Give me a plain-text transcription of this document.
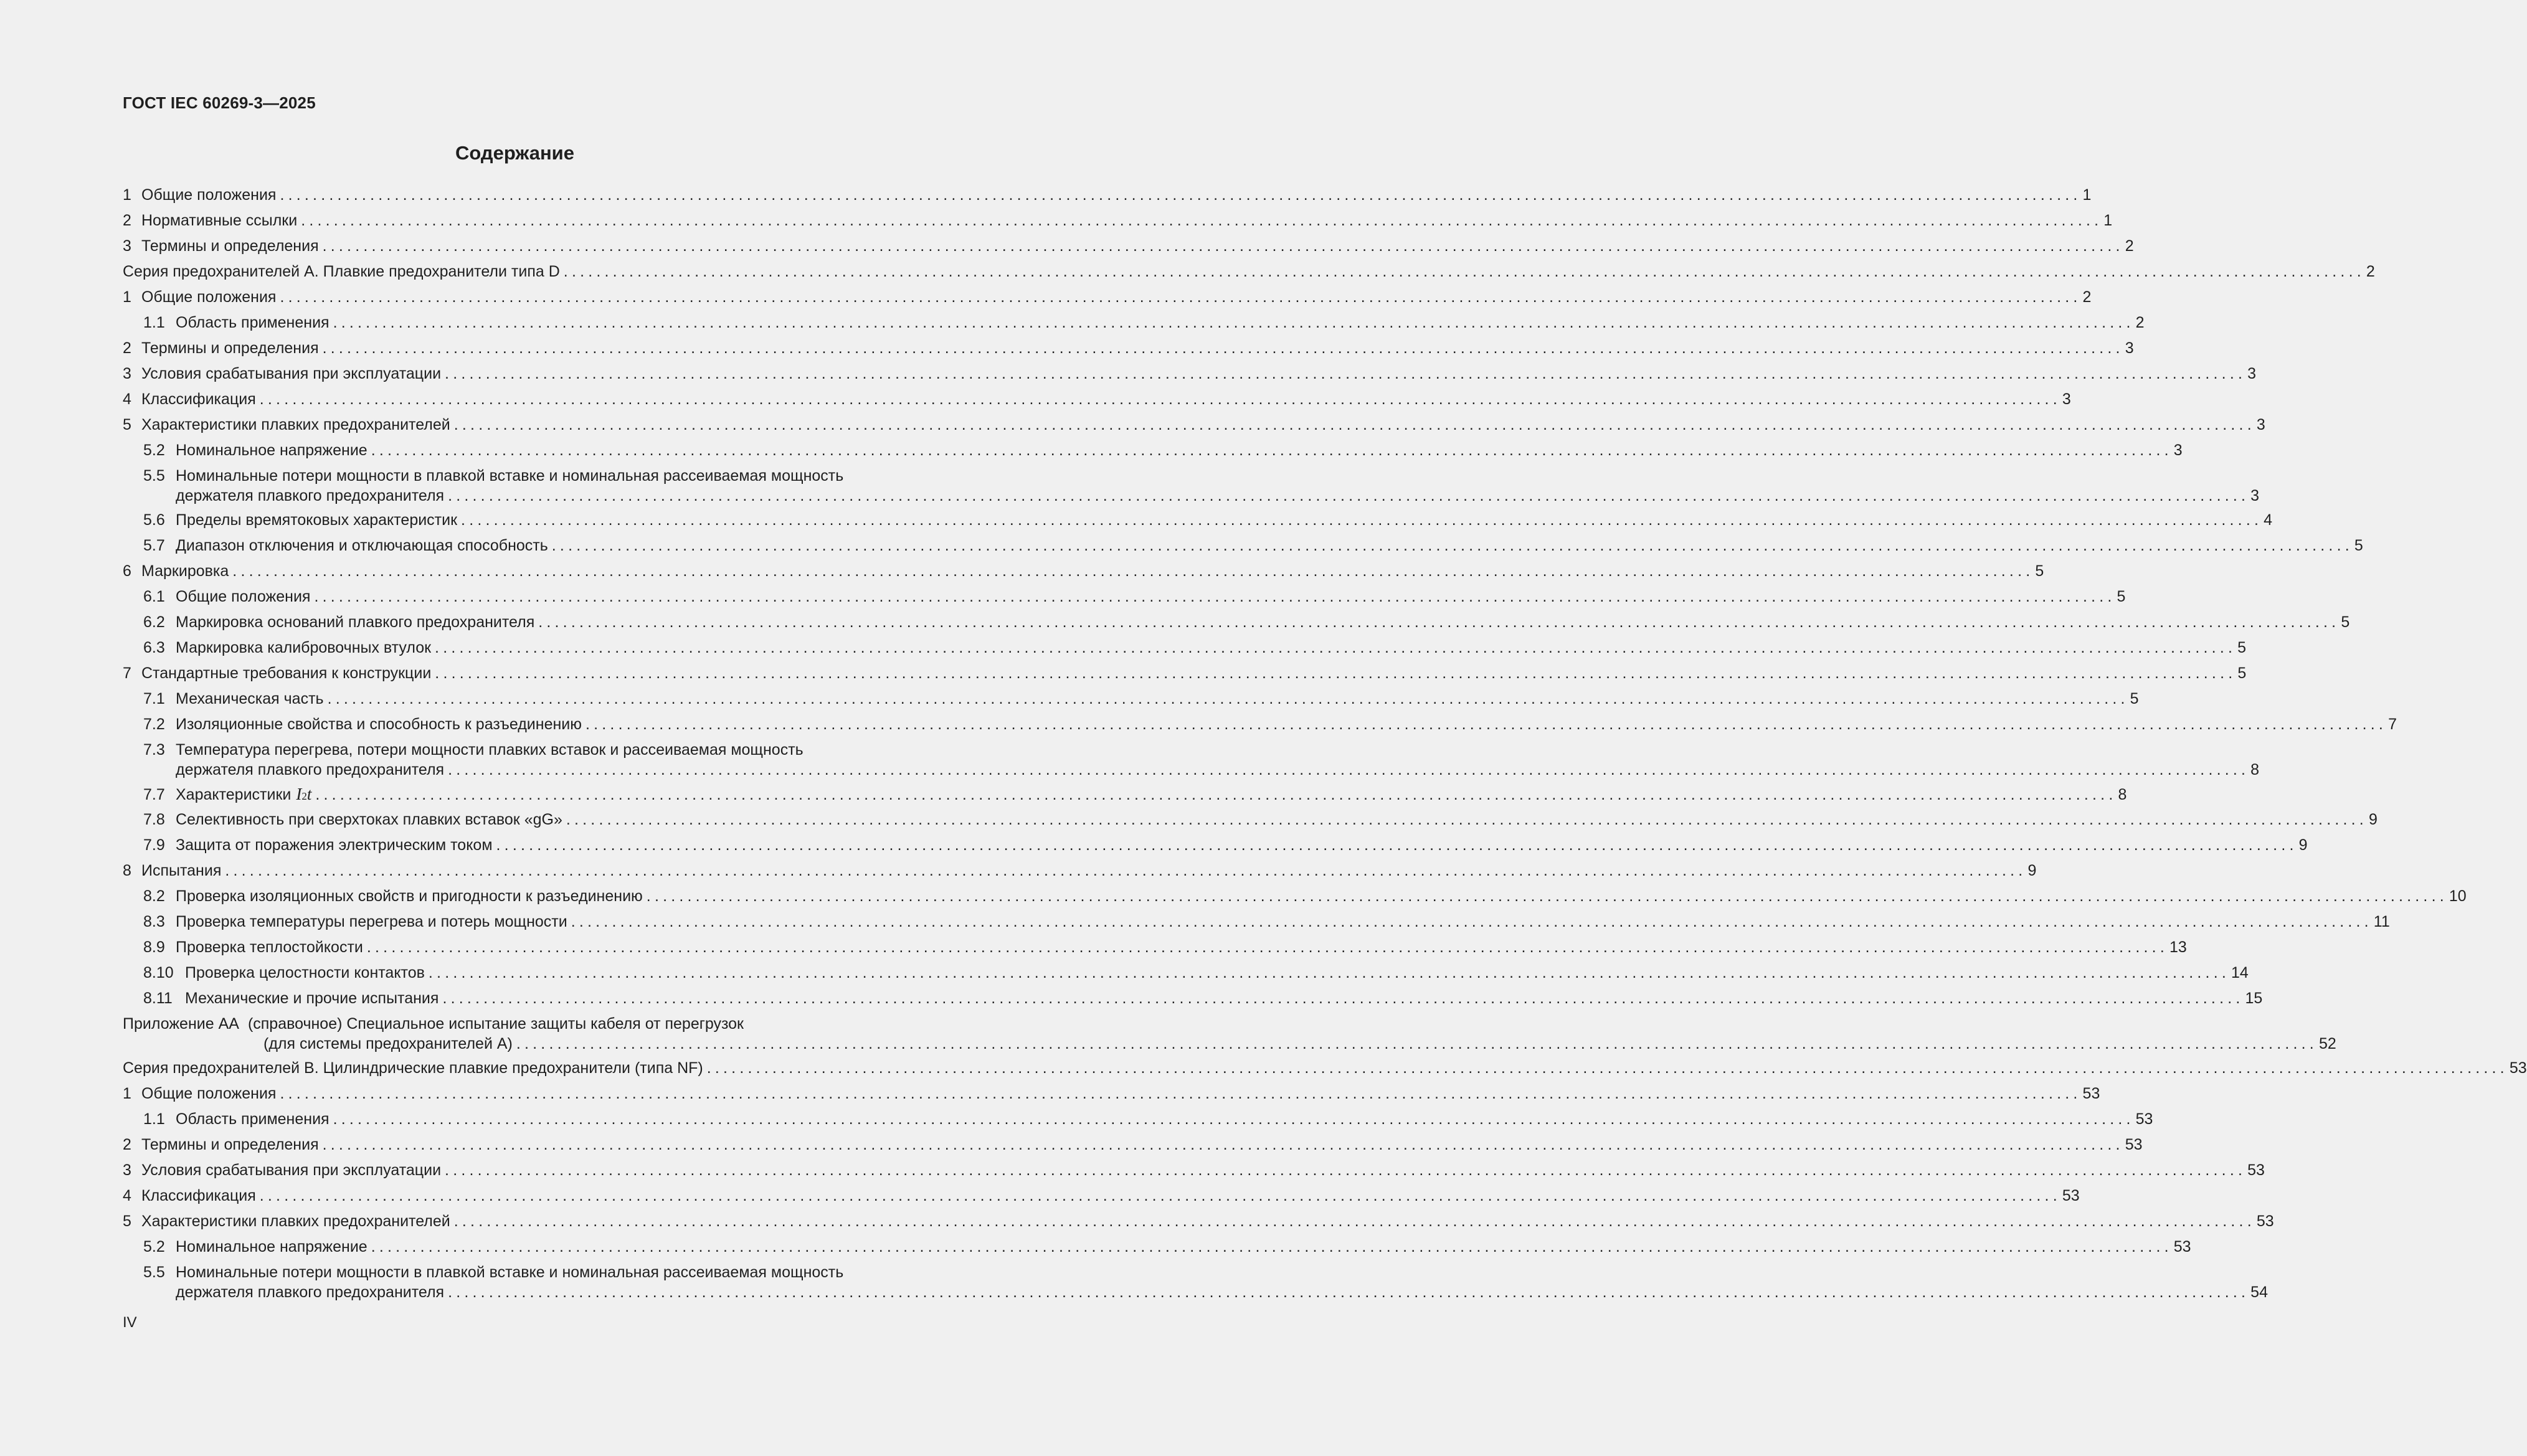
ГОСТ IEC 60269-3—2025
Содержание
1 Общие положения ............................................................................................................................................................................................................................ 1
2 Нормативные ссылки ............................................................................................................................................................................................................................ 1
3 Термины и определения ............................................................................................................................................................................................................................ 2
Серия предохранителей А. Плавкие предохранители типа D ............................................................................................................................................................................................................................ 2
1 Общие положения ............................................................................................................................................................................................................................ 2
1.1 Область применения ............................................................................................................................................................................................................................ 2
2 Термины и определения ............................................................................................................................................................................................................................ 3
3 Условия срабатывания при эксплуатации ............................................................................................................................................................................................................................ 3
4 Классификация ............................................................................................................................................................................................................................ 3
5 Характеристики плавких предохранителей ............................................................................................................................................................................................................................ 3
5.2 Номинальное напряжение ............................................................................................................................................................................................................................ 3
5.5 Номинальные потери мощности в плавкой вставке и номинальная рассеиваемая мощность
держателя плавкого предохранителя ............................................................................................................................................................................................................................ 3
5.6 Пределы времятоковых характеристик ............................................................................................................................................................................................................................ 4
5.7 Диапазон отключения и отключающая способность ............................................................................................................................................................................................................................ 5
6 Маркировка ............................................................................................................................................................................................................................ 5
6.1 Общие положения ............................................................................................................................................................................................................................ 5
6.2 Маркировка оснований плавкого предохранителя ............................................................................................................................................................................................................................ 5
6.3 Маркировка калибровочных втулок ............................................................................................................................................................................................................................ 5
7 Стандартные требования к конструкции ............................................................................................................................................................................................................................ 5
7.1 Механическая часть ............................................................................................................................................................................................................................ 5
7.2 Изоляционные свойства и способность к разъединению ............................................................................................................................................................................................................................ 7
7.3 Температура перегрева, потери мощности плавких вставок и рассеиваемая мощность
держателя плавкого предохранителя ............................................................................................................................................................................................................................ 8
7.7 Характеристики I 2 t ............................................................................................................................................................................................................................ 8
7.8 Селективность при сверхтоках плавких вставок «gG» ............................................................................................................................................................................................................................ 9
7.9 Защита от поражения электрическим током ............................................................................................................................................................................................................................ 9
8 Испытания ............................................................................................................................................................................................................................ 9
8.2 Проверка изоляционных свойств и пригодности к разъединению ............................................................................................................................................................................................................................ 10
8.3 Проверка температуры перегрева и потерь мощности ............................................................................................................................................................................................................................ 11
8.9 Проверка теплостойкости ............................................................................................................................................................................................................................ 13
8.10 Проверка целостности контактов ............................................................................................................................................................................................................................ 14
8.11 Механические и прочие испытания ............................................................................................................................................................................................................................ 15
Приложение АА (справочное) Специальное испытание защиты кабеля от перегрузок
(для системы предохранителей А) ............................................................................................................................................................................................................................ 52
Серия предохранителей В. Цилиндрические плавкие предохранители (типа NF) ............................................................................................................................................................................................................................ 53
1 Общие положения ............................................................................................................................................................................................................................ 53
1.1 Область применения ............................................................................................................................................................................................................................ 53
2 Термины и определения ............................................................................................................................................................................................................................ 53
3 Условия срабатывания при эксплуатации ............................................................................................................................................................................................................................ 53
4 Классификация ............................................................................................................................................................................................................................ 53
5 Характеристики плавких предохранителей ............................................................................................................................................................................................................................ 53
5.2 Номинальное напряжение ............................................................................................................................................................................................................................ 53
5.5 Номинальные потери мощности в плавкой вставке и номинальная рассеиваемая мощность
держателя плавкого предохранителя ............................................................................................................................................................................................................................ 54
IV
